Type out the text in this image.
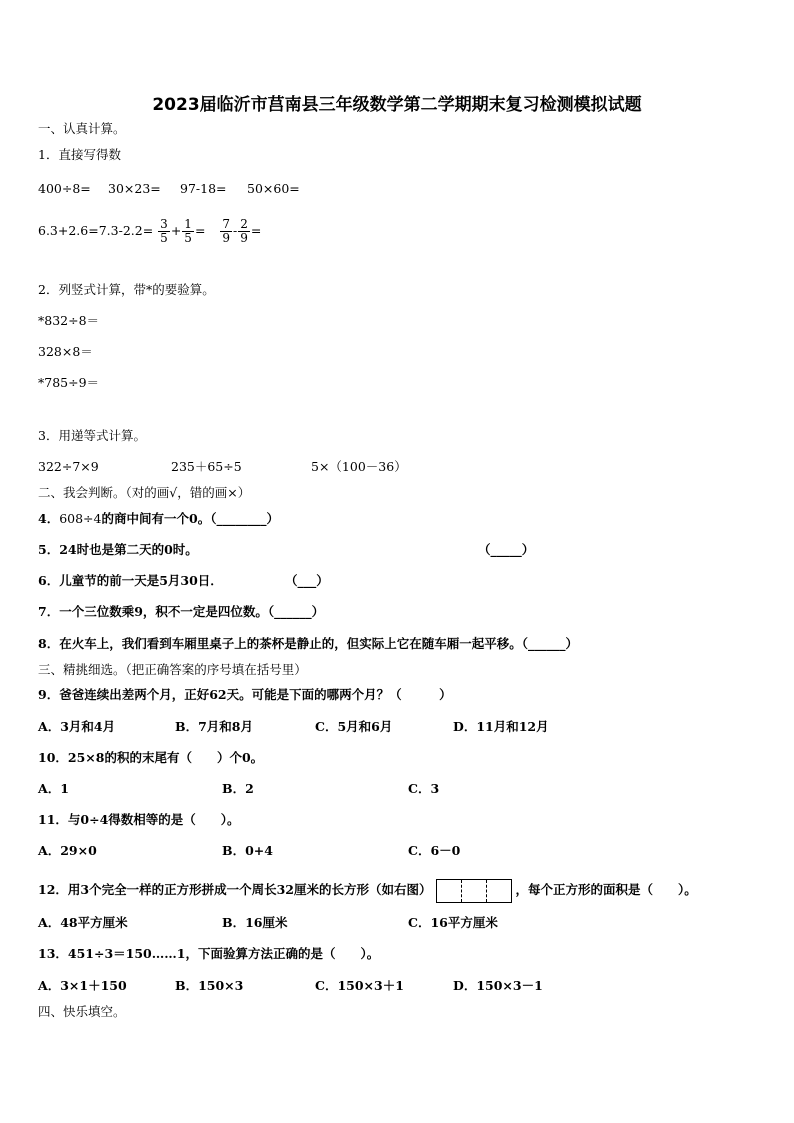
2023届临沂市莒南县三年级数学第二学期期末复习检测模拟试题
一、认真计算。
1．直接写得数
400÷8= 30×23= 97-18= 50×60=
$6.3+2.6=7.3-2.2= \frac{3}{5} + \frac{1}{5} = \frac{7}{9} - \frac{2}{9}$ =
2．列竖式计算，带*的要验算。
*832÷8＝
328×8＝
*785÷9＝
3．用递等式计算。
322÷7×9	235＋65÷5	5×（100－36）
二、我会判断。（对的画√，错的画×）
4．608÷4的商中间有一个0。（________）
5．24时也是第二天的0时。	（_____）
6．儿童节的前一天是5月30日．	（___）
7．一个三位数乘9，积不一定是四位数。（______）
8．在火车上，我们看到车厢里桌子上的茶杯是静止的，但实际上它在随车厢一起平移。（______）
三、精挑细选。（把正确答案的序号填在括号里）
9．爸爸连续出差两个月，正好62天。可能是下面的哪两个月？（　　　）
A．3月和4月	B．7月和8月	C．5月和6月	D．11月和12月
10．25×8的积的末尾有（　　）个0。
A．1	B．2	C．3
11．与0÷4得数相等的是（　　）。
A．29×0	B．0+4	C．6－0
12．用3个完全一样的正方形拼成一个周长32厘米的长方形（如右图）	，每个正方形的面积是（　　）。
A．48平方厘米	B．16厘米	C．16平方厘米
13．451÷3＝150……1，下面验算方法正确的是（　　）。
A．3×1＋150	B．150×3	C．150×3＋1	D．150×3－1
四、快乐填空。
